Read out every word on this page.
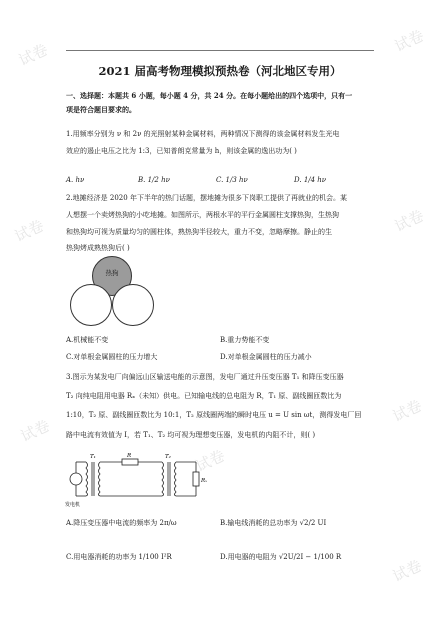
试卷	试卷
试卷	试卷
试卷
试卷
试卷
试卷
2021 届高考物理模拟预热卷（河北地区专用）
一、选择题：本题共 6 小题，每小题 4 分，共 24 分。在每小题给出的四个选项中，只有一
项是符合题目要求的。
1.用频率分别为 ν 和 2ν 的光照射某种金属材料，两种情况下测得的该金属材料发生光电
效应的遏止电压之比为 1:3，已知普朗克常量为 h，则该金属的逸出功为( )
A. hν	B. 1/2 hν	C. 1/3 hν	D. 1/4 hν
2.地摊经济是 2020 年下半年的热门话题，摆地摊为很多下岗职工提供了再就业的机会。某
人想摆一个卖烤热狗的小吃地摊。如图所示，两根水平的平行金属圆柱支撑热狗，生热狗
和热狗均可视为质量均匀的圆柱体，熟热狗半径较大，重力不变，忽略摩擦。静止的生
热狗烤成熟热狗后( )
热狗
A.机械能不变	B.重力势能不变
C.对单根金属圆柱的压力增大	D.对单根金属圆柱的压力减小
3.图示为某发电厂向偏远山区输送电能的示意图，发电厂通过升压变压器 T₁ 和降压变压器
T₂ 向纯电阻用电器 Rₓ（未知）供电。已知输电线的总电阻为 R，T₁ 原、副线圈匝数比为
1:10，T₂ 原、副线圈匝数比为 10:1，T₂ 原线圈两端的瞬时电压 u = U sin ωt，测得发电厂回
路中电流有效值为 I，若 T₁、T₂ 均可视为理想变压器，发电机的内阻不计，则( )
发电机
T₁	R	T₂
Rₓ
A.降压变压器中电流的频率为 2π/ω	B.输电线消耗的总功率为 √2/2 UI
C.用电器消耗的功率为 1/100 I²R	D.用电器的电阻为 √2U/2I − 1/100 R
